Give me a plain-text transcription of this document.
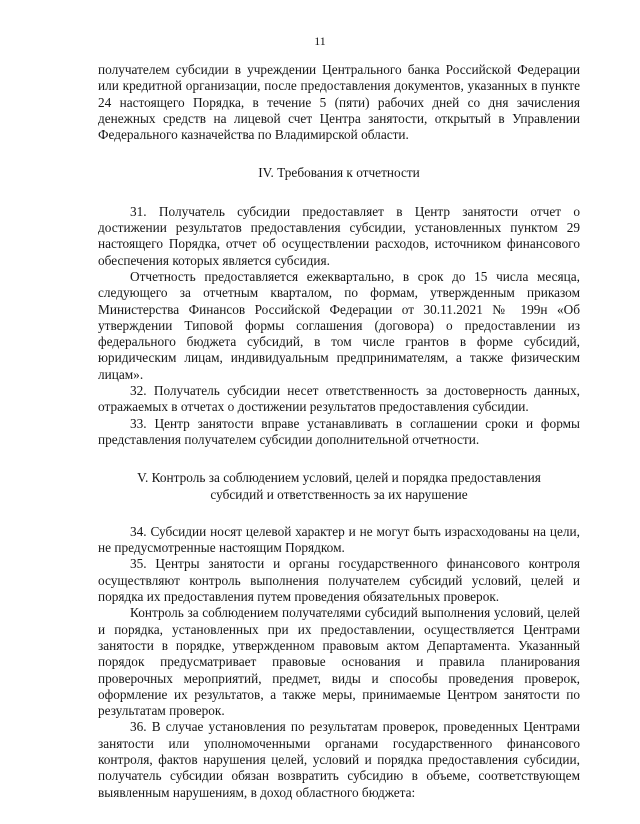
11

получателем субсидии в учреждении Центрального банка Российской Федерации или кредитной организации, после предоставления документов, указанных в пункте 24 настоящего Порядка, в течение 5 (пяти) рабочих дней со дня зачисления денежных средств на лицевой счет Центра занятости, открытый в Управлении Федерального казначейства по Владимирской области.

IV. Требования к отчетности

31. Получатель субсидии предоставляет в Центр занятости отчет о достижении результатов предоставления субсидии, установленных пунктом 29 настоящего Порядка, отчет об осуществлении расходов, источником финансового обеспечения которых является субсидия.

Отчетность предоставляется ежеквартально, в срок до 15 числа месяца, следующего за отчетным кварталом, по формам, утвержденным приказом Министерства Финансов Российской Федерации от 30.11.2021 № 199н «Об утверждении Типовой формы соглашения (договора) о предоставлении из федерального бюджета субсидий, в том числе грантов в форме субсидий, юридическим лицам, индивидуальным предпринимателям, а также физическим лицам».

32. Получатель субсидии несет ответственность за достоверность данных, отражаемых в отчетах о достижении результатов предоставления субсидии.

33. Центр занятости вправе устанавливать в соглашении сроки и формы представления получателем субсидии дополнительной отчетности.

V. Контроль за соблюдением условий, целей и порядка предоставления
субсидий и ответственность за их нарушение

34. Субсидии носят целевой характер и не могут быть израсходованы на цели, не предусмотренные настоящим Порядком.

35. Центры занятости и органы государственного финансового контроля осуществляют контроль выполнения получателем субсидий условий, целей и порядка их предоставления путем проведения обязательных проверок.

Контроль за соблюдением получателями субсидий выполнения условий, целей и порядка, установленных при их предоставлении, осуществляется Центрами занятости в порядке, утвержденном правовым актом Департамента. Указанный порядок предусматривает правовые основания и правила планирования проверочных мероприятий, предмет, виды и способы проведения проверок, оформление их результатов, а также меры, принимаемые Центром занятости по результатам проверок.

36. В случае установления по результатам проверок, проведенных Центрами занятости или уполномоченными органами государственного финансового контроля, фактов нарушения целей, условий и порядка предоставления субсидии, получатель субсидии обязан возвратить субсидию в объеме, соответствующем выявленным нарушениям, в доход областного бюджета:
